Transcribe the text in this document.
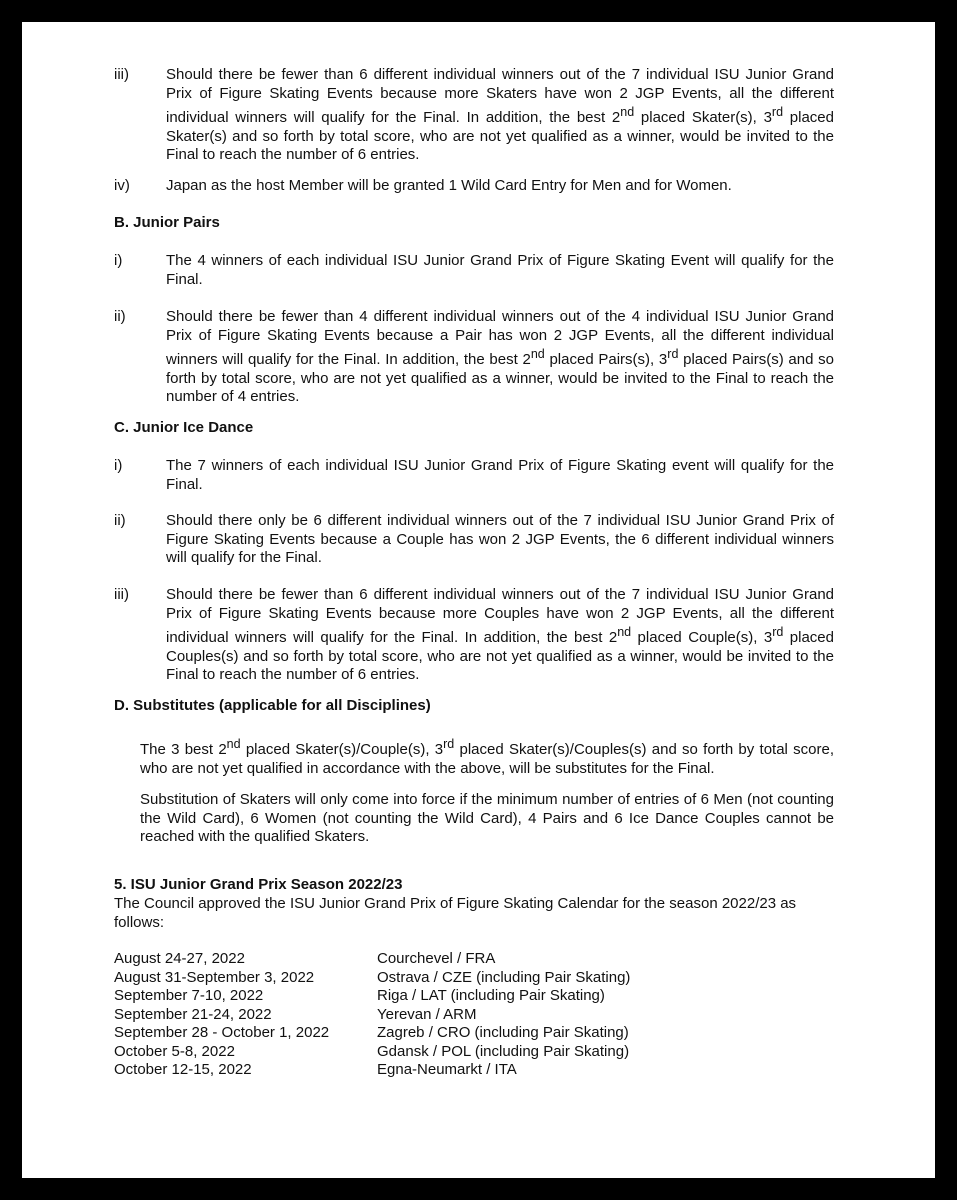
iii) Should there be fewer than 6 different individual winners out of the 7 individual ISU Junior Grand Prix of Figure Skating Events because more Skaters have won 2 JGP Events, all the different individual winners will qualify for the Final. In addition, the best 2nd placed Skater(s), 3rd placed Skater(s) and so forth by total score, who are not yet qualified as a winner, would be invited to the Final to reach the number of 6 entries.

iv) Japan as the host Member will be granted 1 Wild Card Entry for Men and for Women.

B. Junior Pairs
i)	The 4 winners of each individual ISU Junior Grand Prix of Figure Skating Event will qualify for the Final.

ii)	Should there be fewer than 4 different individual winners out of the 4 individual ISU Junior Grand Prix of Figure Skating Events because a Pair has won 2 JGP Events, all the different individual winners will qualify for the Final. In addition, the best 2nd placed Pairs(s), 3rd placed Pairs(s) and so forth by total score, who are not yet qualified as a winner, would be invited to the Final to reach the number of 4 entries.

C. Junior Ice Dance
i)	The 7 winners of each individual ISU Junior Grand Prix of Figure Skating event will qualify for the Final.

ii)	Should there only be 6 different individual winners out of the 7 individual ISU Junior Grand Prix of Figure Skating Events because a Couple has won 2 JGP Events, the 6 different individual winners will qualify for the Final.

iii) Should there be fewer than 6 different individual winners out of the 7 individual ISU Junior Grand Prix of Figure Skating Events because more Couples have won 2 JGP Events, all the different individual winners will qualify for the Final. In addition, the best 2nd placed Couple(s), 3rd placed Couples(s) and so forth by total score, who are not yet qualified as a winner, would be invited to the Final to reach the number of 6 entries.

D. Substitutes (applicable for all Disciplines)

The 3 best 2nd placed Skater(s)/Couple(s), 3rd placed Skater(s)/Couples(s) and so forth by total score, who are not yet qualified in accordance with the above, will be substitutes for the Final.

Substitution of Skaters will only come into force if the minimum number of entries of 6 Men (not counting the Wild Card), 6 Women (not counting the Wild Card), 4 Pairs and 6 Ice Dance Couples cannot be reached with the qualified Skaters.

5. ISU Junior Grand Prix Season 2022/23

The Council approved the ISU Junior Grand Prix of Figure Skating Calendar for the season 2022/23 as follows:

August 24-27, 2022	Courchevel / FRA
August 31-September 3, 2022	Ostrava / CZE (including Pair Skating)
September 7-10, 2022	Riga / LAT (including Pair Skating)
September 21-24, 2022	Yerevan / ARM
September 28 - October 1, 2022	Zagreb / CRO (including Pair Skating)
October 5-8, 2022	Gdansk / POL (including Pair Skating)
October 12-15, 2022	Egna-Neumarkt / ITA
